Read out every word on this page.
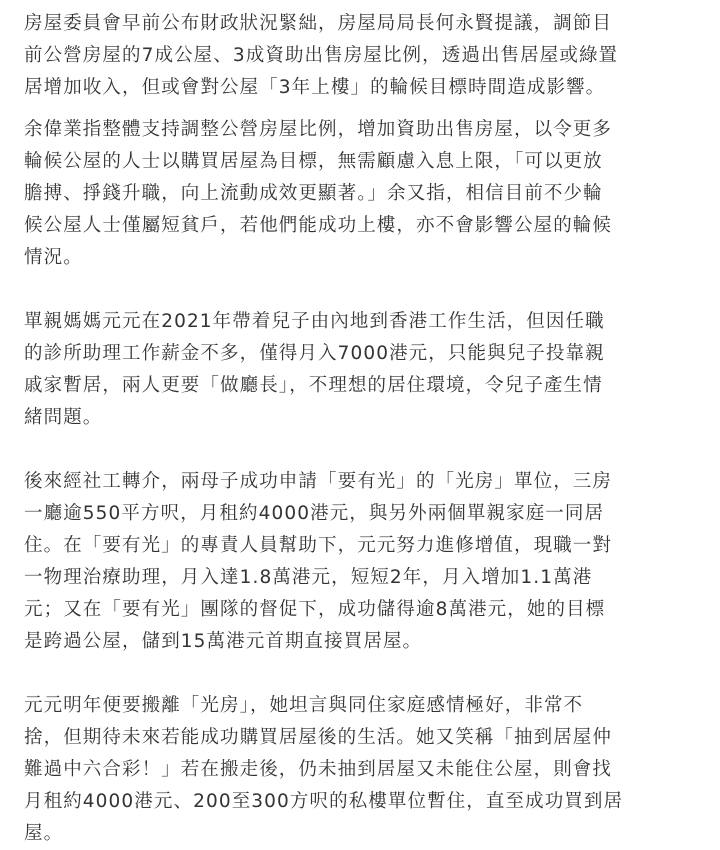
房屋委員會早前公布財政狀況緊絀，房屋局局長何永賢提議，調節目
前公營房屋的7成公屋、3成資助出售房屋比例，透過出售居屋或綠置
居增加收入，但或會對公屋「3年上樓」的輪候目標時間造成影響。

余偉業指整體支持調整公營房屋比例，增加資助出售房屋，以令更多
輪候公屋的人士以購買居屋為目標，無需顧慮入息上限，「可以更放
膽搏、掙錢升職，向上流動成效更顯著。」余又指，相信目前不少輪
候公屋人士僅屬短貧戶，若他們能成功上樓，亦不會影響公屋的輪候
情況。

單親媽媽元元在2021年帶着兒子由內地到香港工作生活，但因任職
的診所助理工作薪金不多，僅得月入7000港元，只能與兒子投靠親
戚家暫居，兩人更要「做廳長」，不理想的居住環境，令兒子產生情
緒問題。

後來經社工轉介，兩母子成功申請「要有光」的「光房」單位，三房
一廳逾550平方呎，月租約4000港元，與另外兩個單親家庭一同居
住。在「要有光」的專責人員幫助下，元元努力進修增值，現職一對
一物理治療助理，月入達1.8萬港元，短短2年，月入增加1.1萬港
元；又在「要有光」團隊的督促下，成功儲得逾8萬港元，她的目標
是跨過公屋，儲到15萬港元首期直接買居屋。

元元明年便要搬離「光房」，她坦言與同住家庭感情極好，非常不
捨，但期待未來若能成功購買居屋後的生活。她又笑稱「抽到居屋仲
難過中六合彩！」若在搬走後，仍未抽到居屋又未能住公屋，則會找
月租約4000港元、200至300方呎的私樓單位暫住，直至成功買到居
屋。
